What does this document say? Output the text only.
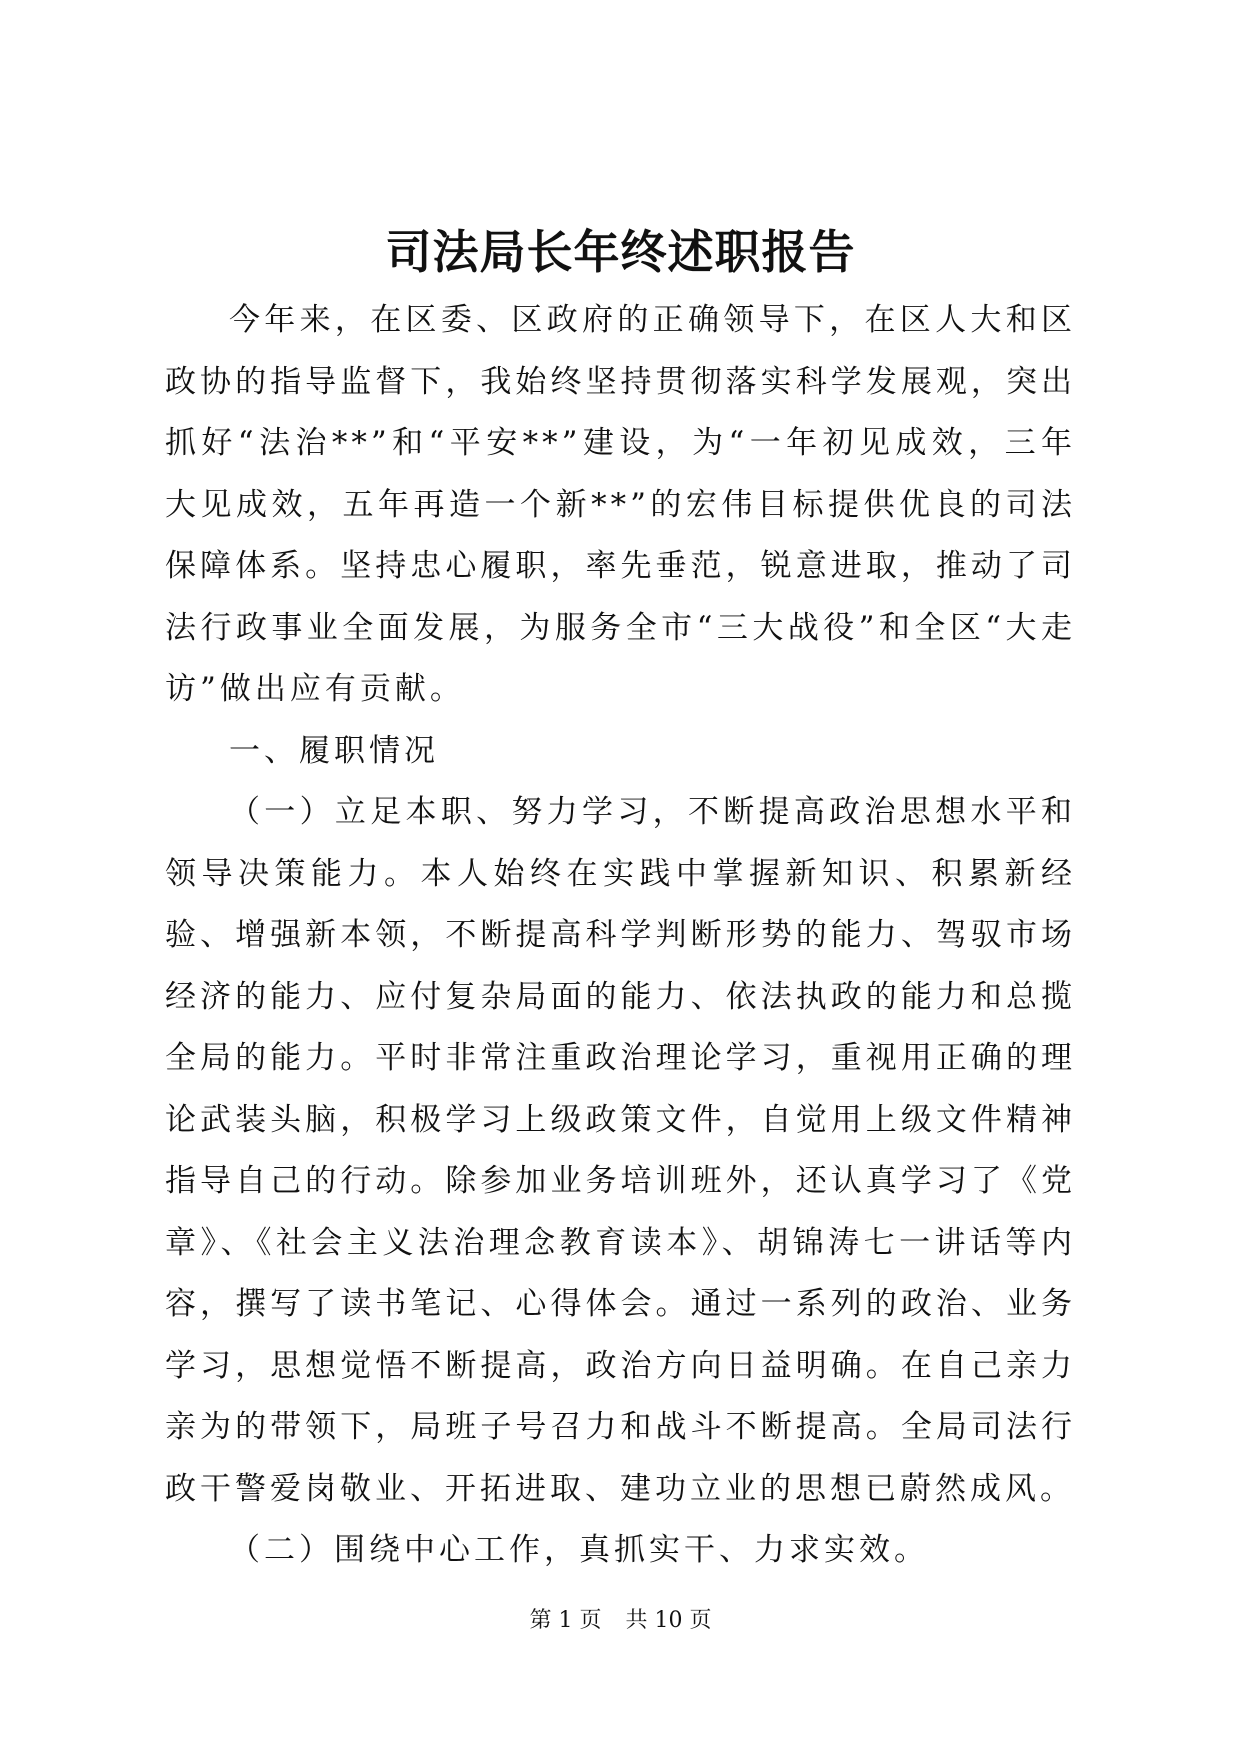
司法局长年终述职报告

今年来，在区委、区政府的正确领导下，在区人大和区政协的指导监督下，我始终坚持贯彻落实科学发展观，突出抓好“法治**”和“平安**”建设，为“一年初见成效，三年大见成效，五年再造一个新**”的宏伟目标提供优良的司法保障体系。坚持忠心履职，率先垂范，锐意进取，推动了司法行政事业全面发展，为服务全市“三大战役”和全区“大走访”做出应有贡献。

一、履职情况

（一）立足本职、努力学习，不断提高政治思想水平和领导决策能力。本人始终在实践中掌握新知识、积累新经验、增强新本领，不断提高科学判断形势的能力、驾驭市场经济的能力、应付复杂局面的能力、依法执政的能力和总揽全局的能力。平时非常注重政治理论学习，重视用正确的理论武装头脑，积极学习上级政策文件，自觉用上级文件精神指导自己的行动。除参加业务培训班外，还认真学习了《党章》、《社会主义法治理念教育读本》、胡锦涛七一讲话等内容，撰写了读书笔记、心得体会。通过一系列的政治、业务学习，思想觉悟不断提高，政治方向日益明确。在自己亲力亲为的带领下，局班子号召力和战斗不断提高。全局司法行政干警爱岗敬业、开拓进取、建功立业的思想已蔚然成风。

（二）围绕中心工作，真抓实干、力求实效。

第 1 页 共 10 页
